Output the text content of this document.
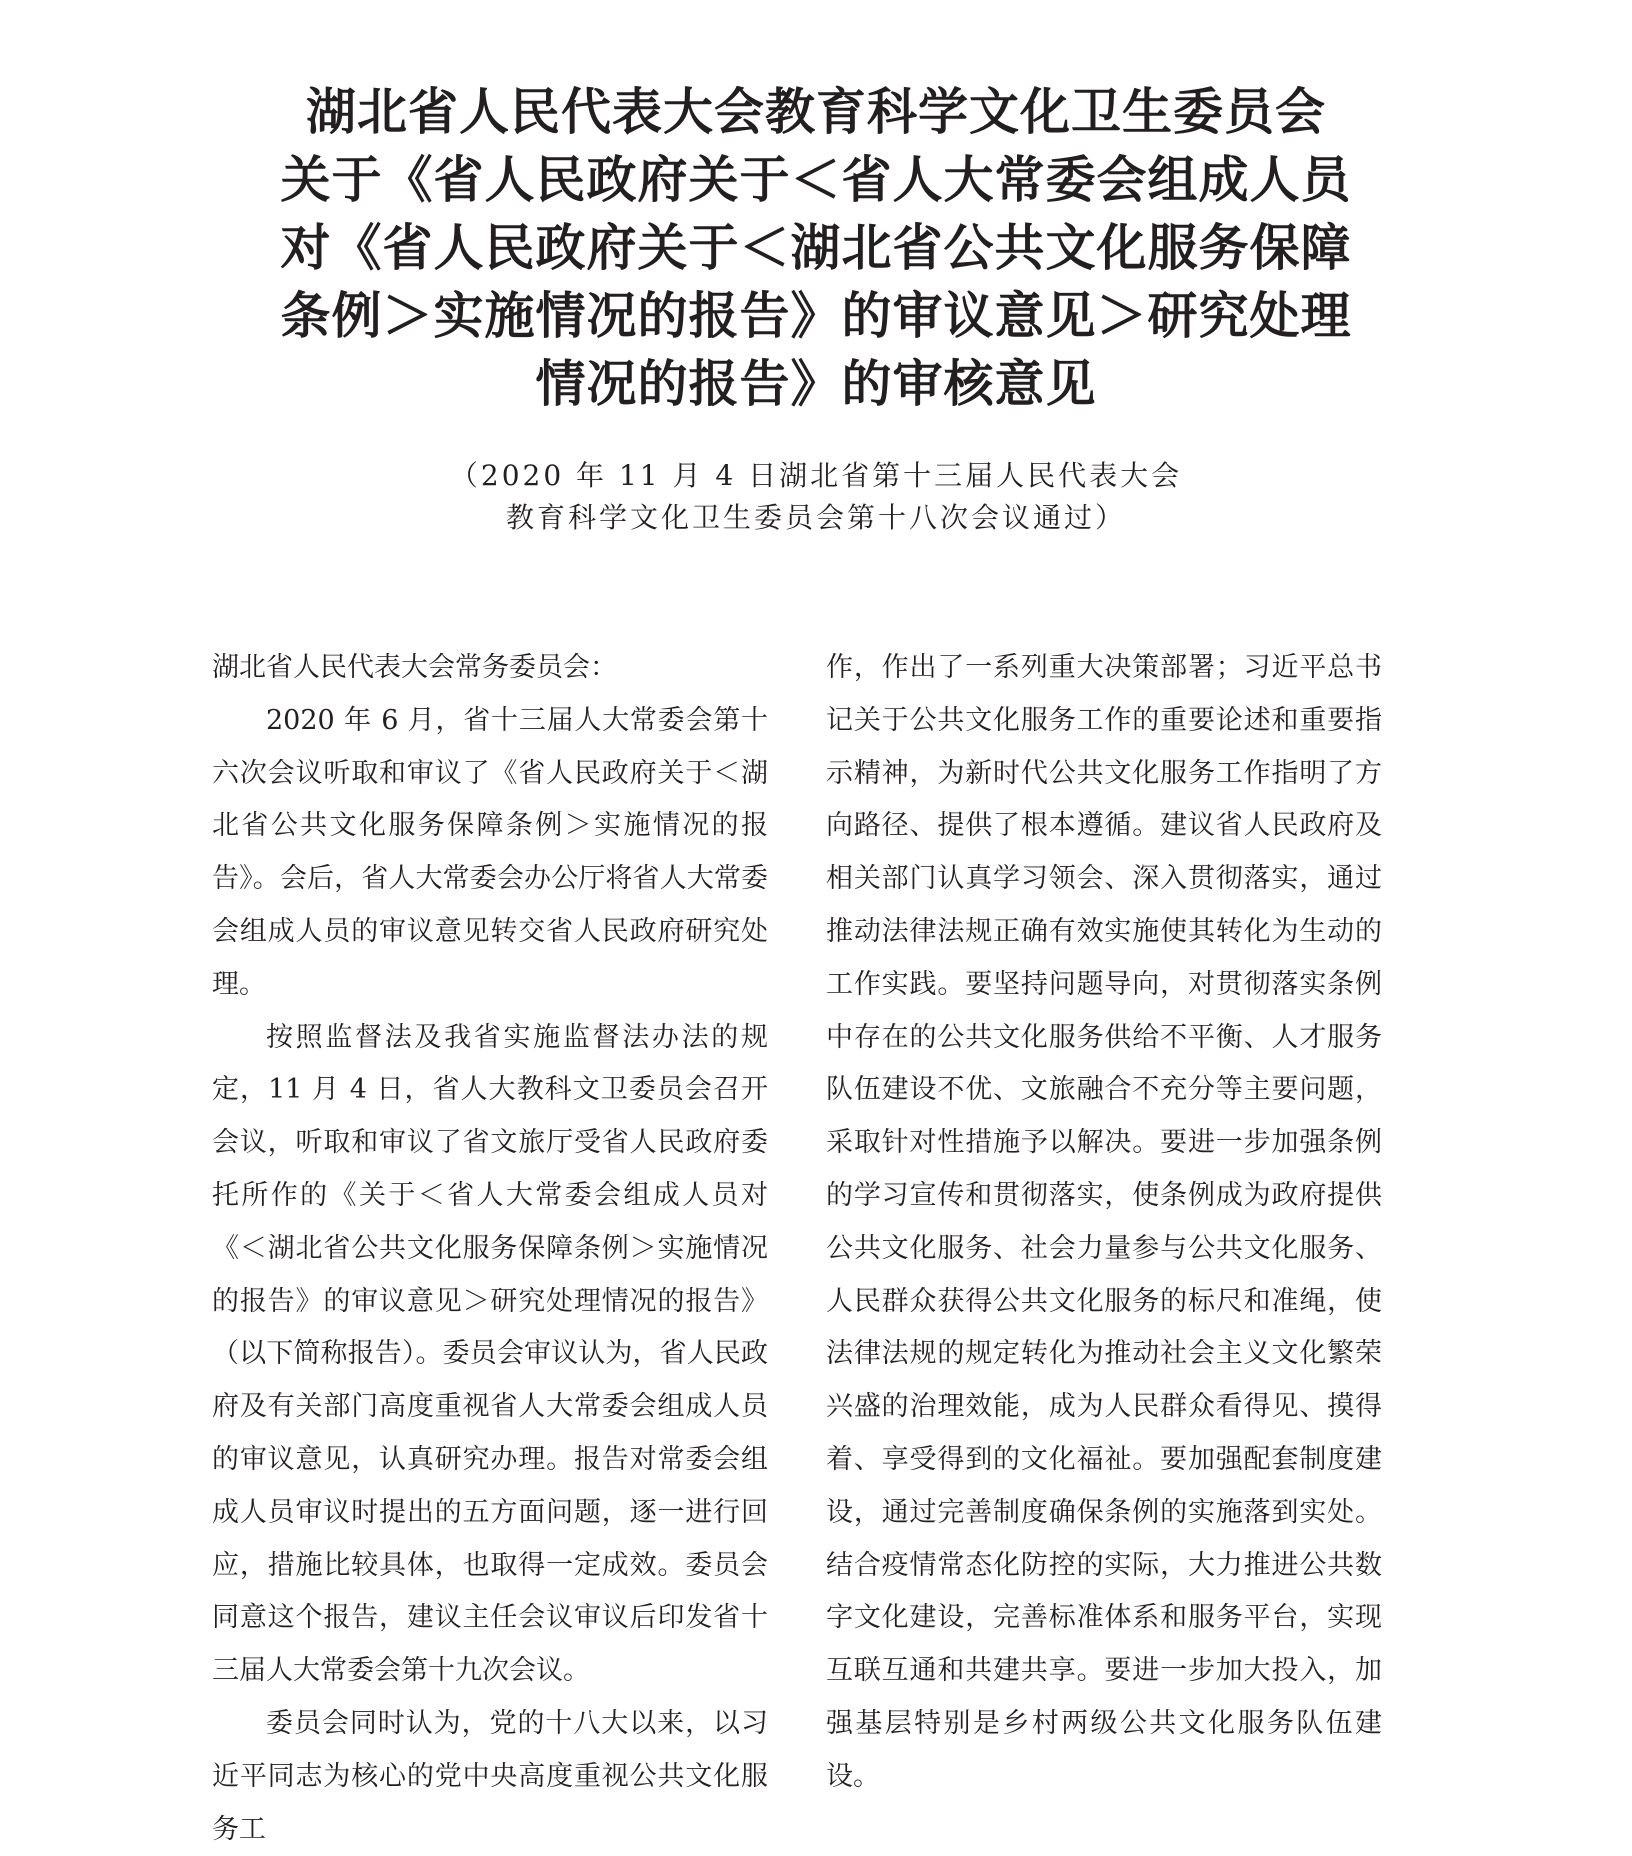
湖北省人民代表大会教育科学文化卫生委员会
关于《省人民政府关于＜省人大常委会组成人员
对《省人民政府关于＜湖北省公共文化服务保障
条例＞实施情况的报告》的审议意见＞研究处理
情况的报告》的审核意见
（2020 年 11 月 4 日湖北省第十三届人民代表大会
教育科学文化卫生委员会第十八次会议通过）

湖北省人民代表大会常务委员会：

2020 年 6 月，省十三届人大常委会第十六次会议听取和审议了《省人民政府关于＜湖北省公共文化服务保障条例＞实施情况的报告》。会后，省人大常委会办公厅将省人大常委会组成人员的审议意见转交省人民政府研究处理。

按照监督法及我省实施监督法办法的规定，11 月 4 日，省人大教科文卫委员会召开会议，听取和审议了省文旅厅受省人民政府委托所作的《关于＜省人大常委会组成人员对《＜湖北省公共文化服务保障条例＞实施情况的报告》的审议意见＞研究处理情况的报告》（以下简称报告）。委员会审议认为，省人民政府及有关部门高度重视省人大常委会组成人员的审议意见，认真研究办理。报告对常委会组成人员审议时提出的五方面问题，逐一进行回应，措施比较具体，也取得一定成效。委员会同意这个报告，建议主任会议审议后印发省十三届人大常委会第十九次会议。

委员会同时认为，党的十八大以来，以习近平同志为核心的党中央高度重视公共文化服务工

作，作出了一系列重大决策部署；习近平总书记关于公共文化服务工作的重要论述和重要指示精神，为新时代公共文化服务工作指明了方向路径、提供了根本遵循。建议省人民政府及相关部门认真学习领会、深入贯彻落实，通过推动法律法规正确有效实施使其转化为生动的工作实践。要坚持问题导向，对贯彻落实条例中存在的公共文化服务供给不平衡、人才服务队伍建设不优、文旅融合不充分等主要问题，采取针对性措施予以解决。要进一步加强条例的学习宣传和贯彻落实，使条例成为政府提供公共文化服务、社会力量参与公共文化服务、人民群众获得公共文化服务的标尺和准绳，使法律法规的规定转化为推动社会主义文化繁荣兴盛的治理效能，成为人民群众看得见、摸得着、享受得到的文化福祉。要加强配套制度建设，通过完善制度确保条例的实施落到实处。结合疫情常态化防控的实际，大力推进公共数字文化建设，完善标准体系和服务平台，实现互联互通和共建共享。要进一步加大投入，加强基层特别是乡村两级公共文化服务队伍建设。
